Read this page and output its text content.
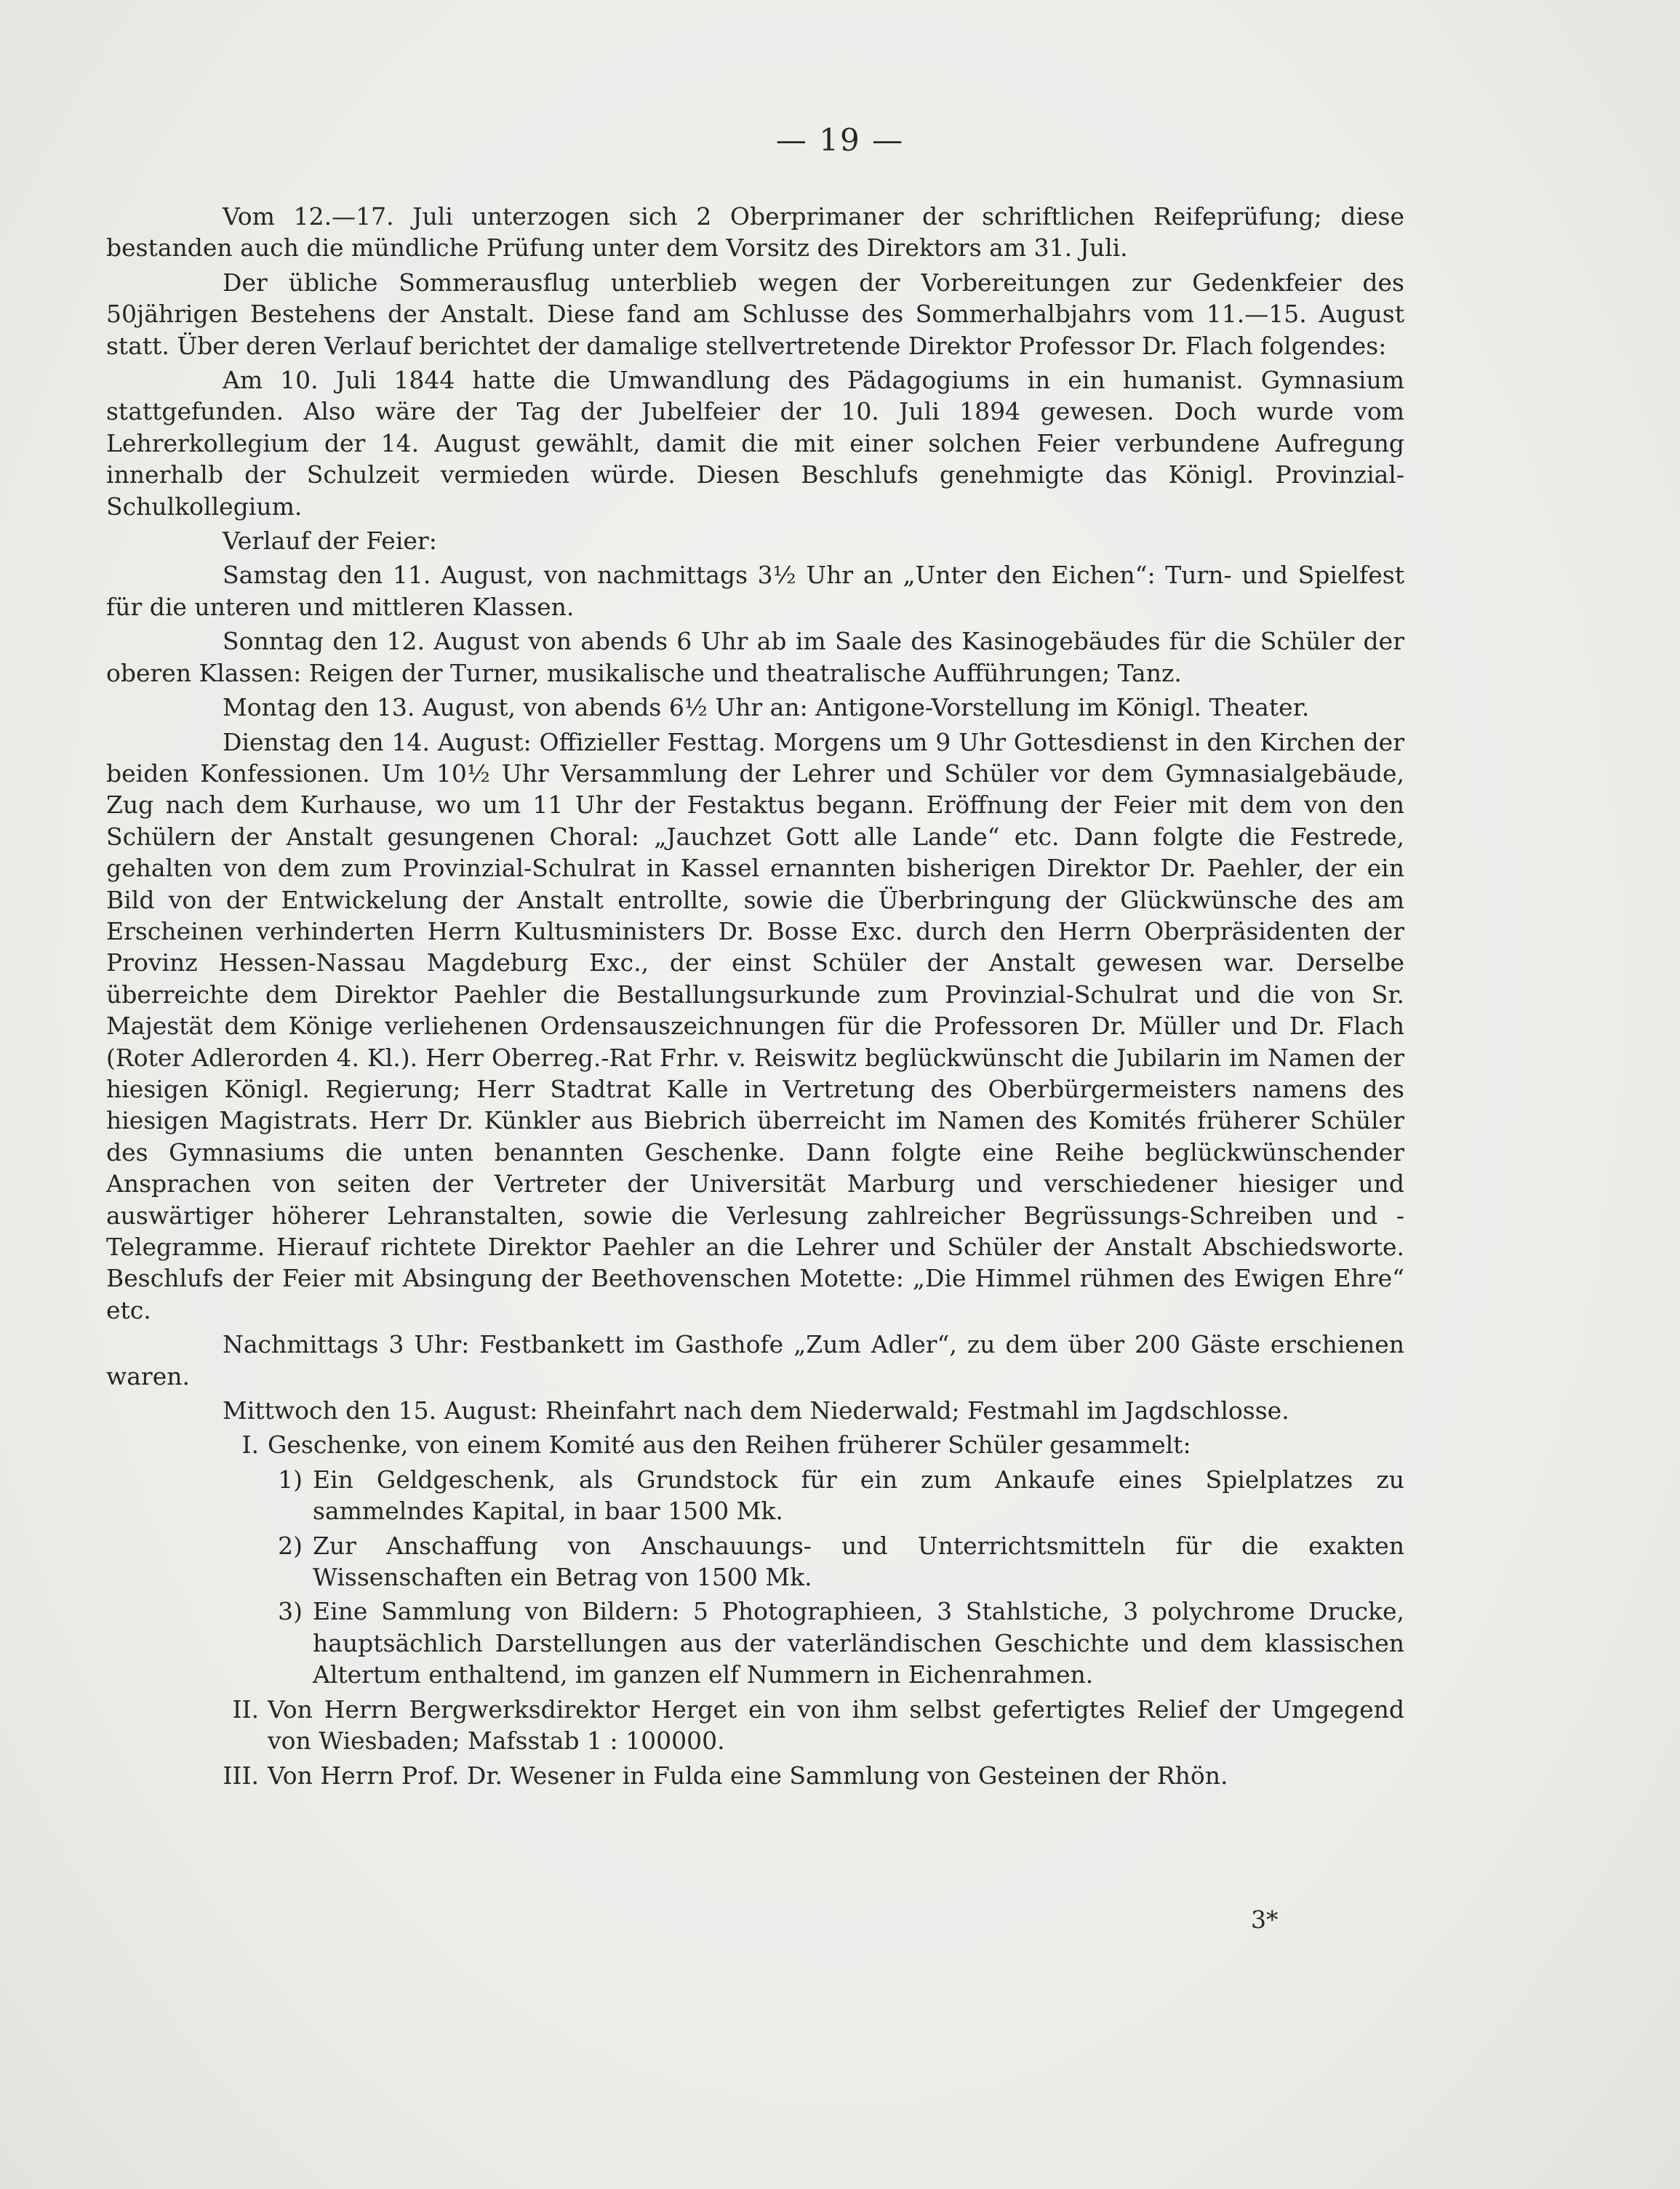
— 19 —

Vom 12.—17. Juli unterzogen sich 2 Oberprimaner der schriftlichen Reifeprüfung; diese bestanden auch die mündliche Prüfung unter dem Vorsitz des Direktors am 31. Juli.

Der übliche Sommerausflug unterblieb wegen der Vorbereitungen zur Gedenkfeier des 50jährigen Bestehens der Anstalt. Diese fand am Schlusse des Sommerhalbjahrs vom 11.—15. August statt. Über deren Verlauf berichtet der damalige stellvertretende Direktor Professor Dr. Flach folgendes:

Am 10. Juli 1844 hatte die Umwandlung des Pädagogiums in ein humanist. Gymnasium stattgefunden. Also wäre der Tag der Jubelfeier der 10. Juli 1894 gewesen. Doch wurde vom Lehrerkollegium der 14. August gewählt, damit die mit einer solchen Feier verbundene Aufregung innerhalb der Schulzeit vermieden würde. Diesen Beschlufs genehmigte das Königl. Provinzial-Schulkollegium.

Verlauf der Feier:

Samstag den 11. August, von nachmittags 3½ Uhr an „Unter den Eichen“: Turn- und Spielfest für die unteren und mittleren Klassen.

Sonntag den 12. August von abends 6 Uhr ab im Saale des Kasinogebäudes für die Schüler der oberen Klassen: Reigen der Turner, musikalische und theatralische Aufführungen; Tanz.

Montag den 13. August, von abends 6½ Uhr an: Antigone-Vorstellung im Königl. Theater.

Dienstag den 14. August: Offizieller Festtag. Morgens um 9 Uhr Gottesdienst in den Kirchen der beiden Konfessionen. Um 10½ Uhr Versammlung der Lehrer und Schüler vor dem Gymnasialgebäude, Zug nach dem Kurhause, wo um 11 Uhr der Festaktus begann. Eröffnung der Feier mit dem von den Schülern der Anstalt gesungenen Choral: „Jauchzet Gott alle Lande“ etc. Dann folgte die Festrede, gehalten von dem zum Provinzial-Schulrat in Kassel ernannten bisherigen Direktor Dr. Paehler, der ein Bild von der Entwickelung der Anstalt entrollte, sowie die Überbringung der Glückwünsche des am Erscheinen verhinderten Herrn Kultusministers Dr. Bosse Exc. durch den Herrn Oberpräsidenten der Provinz Hessen-Nassau Magdeburg Exc., der einst Schüler der Anstalt gewesen war. Derselbe überreichte dem Direktor Paehler die Bestallungsurkunde zum Provinzial-Schulrat und die von Sr. Majestät dem Könige verliehenen Ordensauszeichnungen für die Professoren Dr. Müller und Dr. Flach (Roter Adlerorden 4. Kl.). Herr Oberreg.-Rat Frhr. v. Reiswitz beglückwünscht die Jubilarin im Namen der hiesigen Königl. Regierung; Herr Stadtrat Kalle in Vertretung des Oberbürgermeisters namens des hiesigen Magistrats. Herr Dr. Künkler aus Biebrich überreicht im Namen des Komités früherer Schüler des Gymnasiums die unten benannten Geschenke. Dann folgte eine Reihe beglückwünschender Ansprachen von seiten der Vertreter der Universität Marburg und verschiedener hiesiger und auswärtiger höherer Lehranstalten, sowie die Verlesung zahlreicher Begrüssungs-Schreiben und -Telegramme. Hierauf richtete Direktor Paehler an die Lehrer und Schüler der Anstalt Abschiedsworte. Beschlufs der Feier mit Absingung der Beethovenschen Motette: „Die Himmel rühmen des Ewigen Ehre“ etc.

Nachmittags 3 Uhr: Festbankett im Gasthofe „Zum Adler“, zu dem über 200 Gäste erschienen waren.

Mittwoch den 15. August: Rheinfahrt nach dem Niederwald; Festmahl im Jagdschlosse.

I. Geschenke, von einem Komité aus den Reihen früherer Schüler gesammelt:
1) Ein Geldgeschenk, als Grundstock für ein zum Ankaufe eines Spielplatzes zu sammelndes Kapital, in baar 1500 Mk.
2) Zur Anschaffung von Anschauungs- und Unterrichtsmitteln für die exakten Wissenschaften ein Betrag von 1500 Mk.
3) Eine Sammlung von Bildern: 5 Photographieen, 3 Stahlstiche, 3 polychrome Drucke, hauptsächlich Darstellungen aus der vaterländischen Geschichte und dem klassischen Altertum enthaltend, im ganzen elf Nummern in Eichenrahmen.
II. Von Herrn Bergwerksdirektor Herget ein von ihm selbst gefertigtes Relief der Umgegend von Wiesbaden; Mafsstab 1 : 100000.
III. Von Herrn Prof. Dr. Wesener in Fulda eine Sammlung von Gesteinen der Rhön.
3*
